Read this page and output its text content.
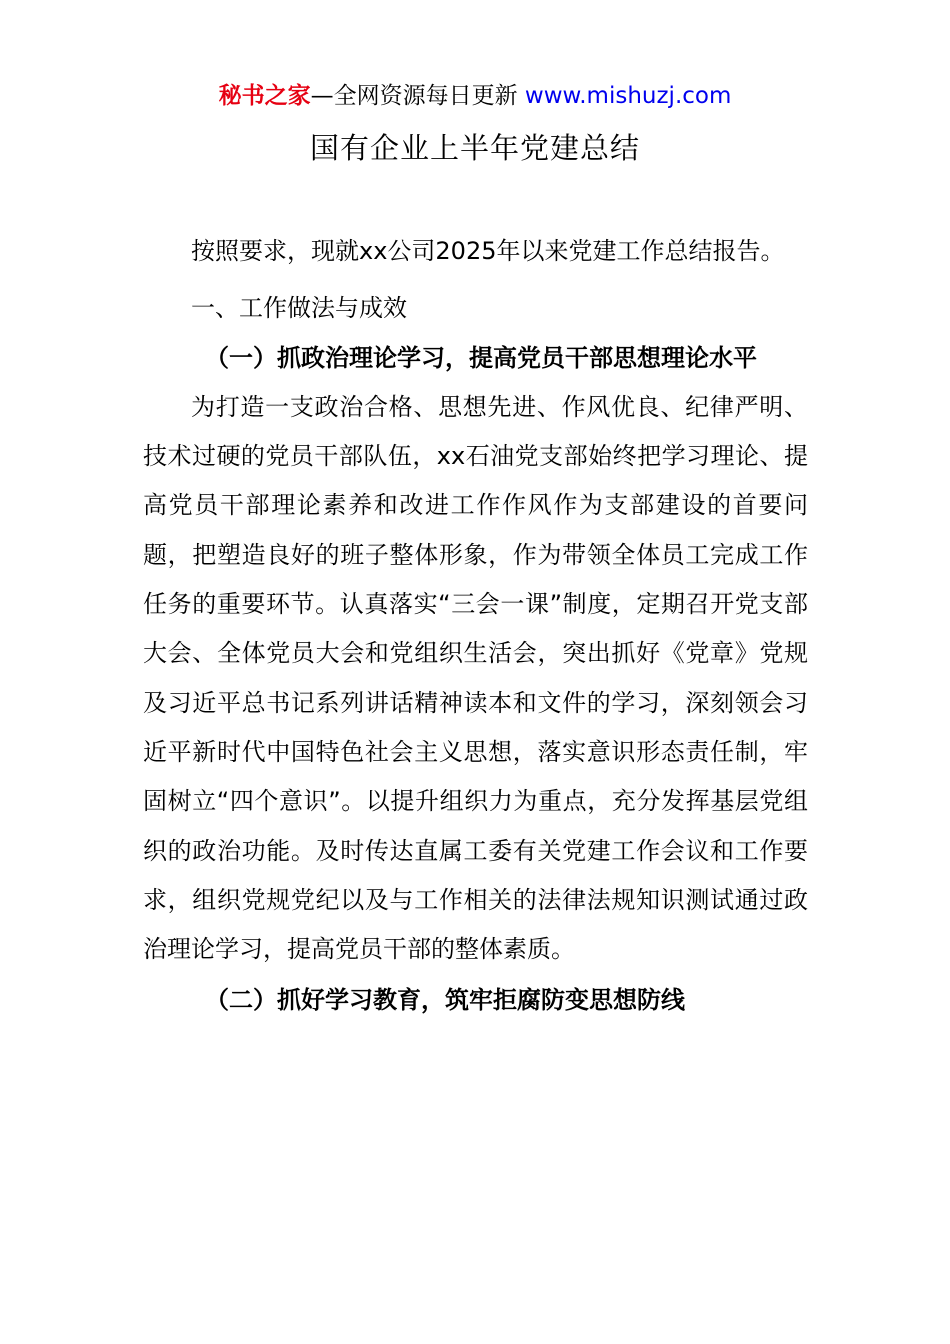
秘书之家—全网资源每日更新 www.mishuzj.com
国有企业上半年党建总结

按照要求，现就xx公司2025年以来党建工作总结报告。

一、工作做法与成效

（一）抓政治理论学习，提高党员干部思想理论水平

为打造一支政治合格、思想先进、作风优良、纪律严明、技术过硬的党员干部队伍，xx石油党支部始终把学习理论、提高党员干部理论素养和改进工作作风作为支部建设的首要问题，把塑造良好的班子整体形象，作为带领全体员工完成工作任务的重要环节。认真落实“三会一课”制度，定期召开党支部大会、全体党员大会和党组织生活会，突出抓好《党章》党规及习近平总书记系列讲话精神读本和文件的学习，深刻领会习近平新时代中国特色社会主义思想，落实意识形态责任制，牢固树立“四个意识”。以提升组织力为重点，充分发挥基层党组织的政治功能。及时传达直属工委有关党建工作会议和工作要求，组织党规党纪以及与工作相关的法律法规知识测试通过政治理论学习，提高党员干部的整体素质。

（二）抓好学习教育，筑牢拒腐防变思想防线
